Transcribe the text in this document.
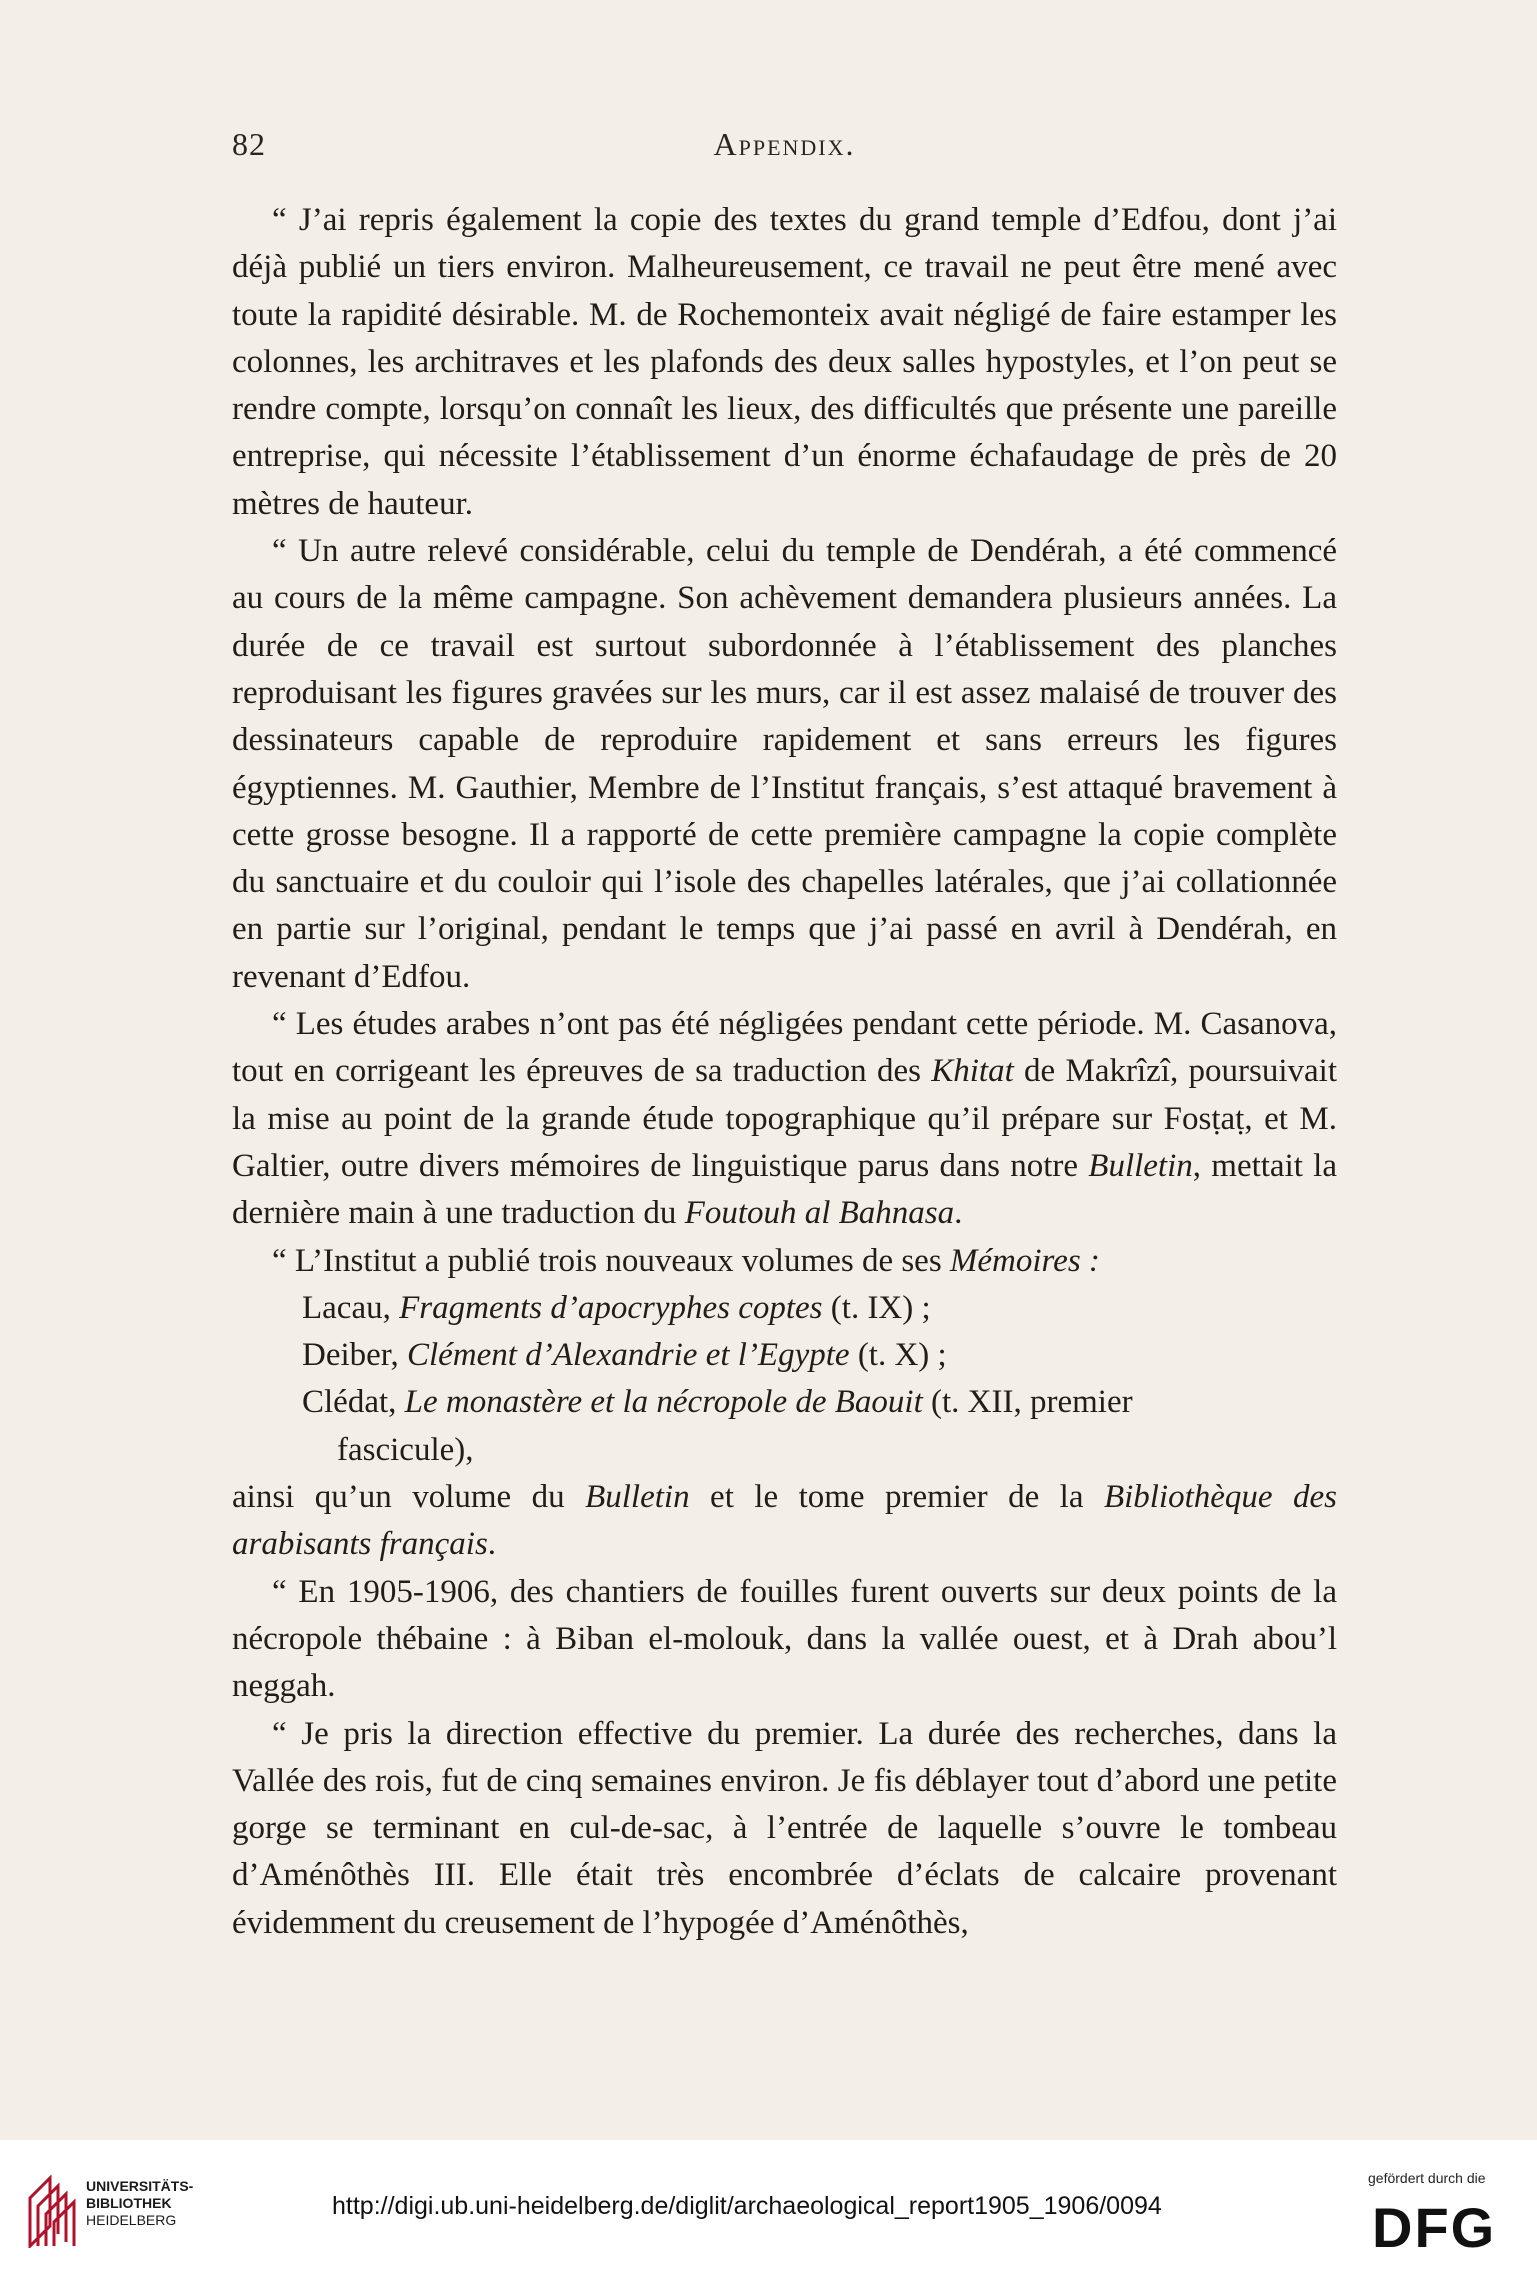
82	Appendix.

“ J’ai repris également la copie des textes du grand temple d’Edfou, dont j’ai déjà publié un tiers environ. Malheureusement, ce travail ne peut être mené avec toute la rapidité désirable. M. de Rochemonteix avait négligé de faire estamper les colonnes, les architraves et les plafonds des deux salles hypostyles, et l’on peut se rendre compte, lorsqu’on connaît les lieux, des difficultés que présente une pareille entreprise, qui nécessite l’établissement d’un énorme échafaudage de près de 20 mètres de hauteur.

“ Un autre relevé considérable, celui du temple de Dendérah, a été commencé au cours de la même campagne. Son achèvement demandera plusieurs années. La durée de ce travail est surtout subordonnée à l’établissement des planches reproduisant les figures gravées sur les murs, car il est assez malaisé de trouver des dessinateurs capable de reproduire rapidement et sans erreurs les figures égyptiennes. M. Gauthier, Membre de l’Institut français, s’est attaqué bravement à cette grosse besogne. Il a rapporté de cette première campagne la copie complète du sanctuaire et du couloir qui l’isole des chapelles latérales, que j’ai collationnée en partie sur l’original, pendant le temps que j’ai passé en avril à Dendérah, en revenant d’Edfou.

“ Les études arabes n’ont pas été négligées pendant cette période. M. Casanova, tout en corrigeant les épreuves de sa traduction des Khitat de Makrîzî, poursuivait la mise au point de la grande étude topographique qu’il prépare sur Fosṭaṭ, et M. Galtier, outre divers mémoires de linguistique parus dans notre Bulletin, mettait la dernière main à une traduction du Foutouh al Bahnasa.

“ L’Institut a publié trois nouveaux volumes de ses Mémoires :

Lacau, Fragments d’apocryphes coptes (t. IX) ;

Deiber, Clément d’Alexandrie et l’Egypte (t. X) ;

Clédat, Le monastère et la nécropole de Baouit (t. XII, premier

fascicule),

ainsi qu’un volume du Bulletin et le tome premier de la Bibliothèque des arabisants français.

“ En 1905-1906, des chantiers de fouilles furent ouverts sur deux points de la nécropole thébaine : à Biban el-molouk, dans la vallée ouest, et à Drah abou’l neggah.

“ Je pris la direction effective du premier. La durée des recherches, dans la Vallée des rois, fut de cinq semaines environ. Je fis déblayer tout d’abord une petite gorge se terminant en cul-de-sac, à l’entrée de laquelle s’ouvre le tombeau d’Aménôthès III. Elle était très encombrée d’éclats de calcaire provenant évidemment du creusement de l’hypogée d’Aménôthès,

UNIVERSITÄTS-
BIBLIOTHEK
HEIDELBERG	http://digi.ub.uni-heidelberg.de/diglit/archaeological_report1905_1906/0094
gefördert durch die
DFG
